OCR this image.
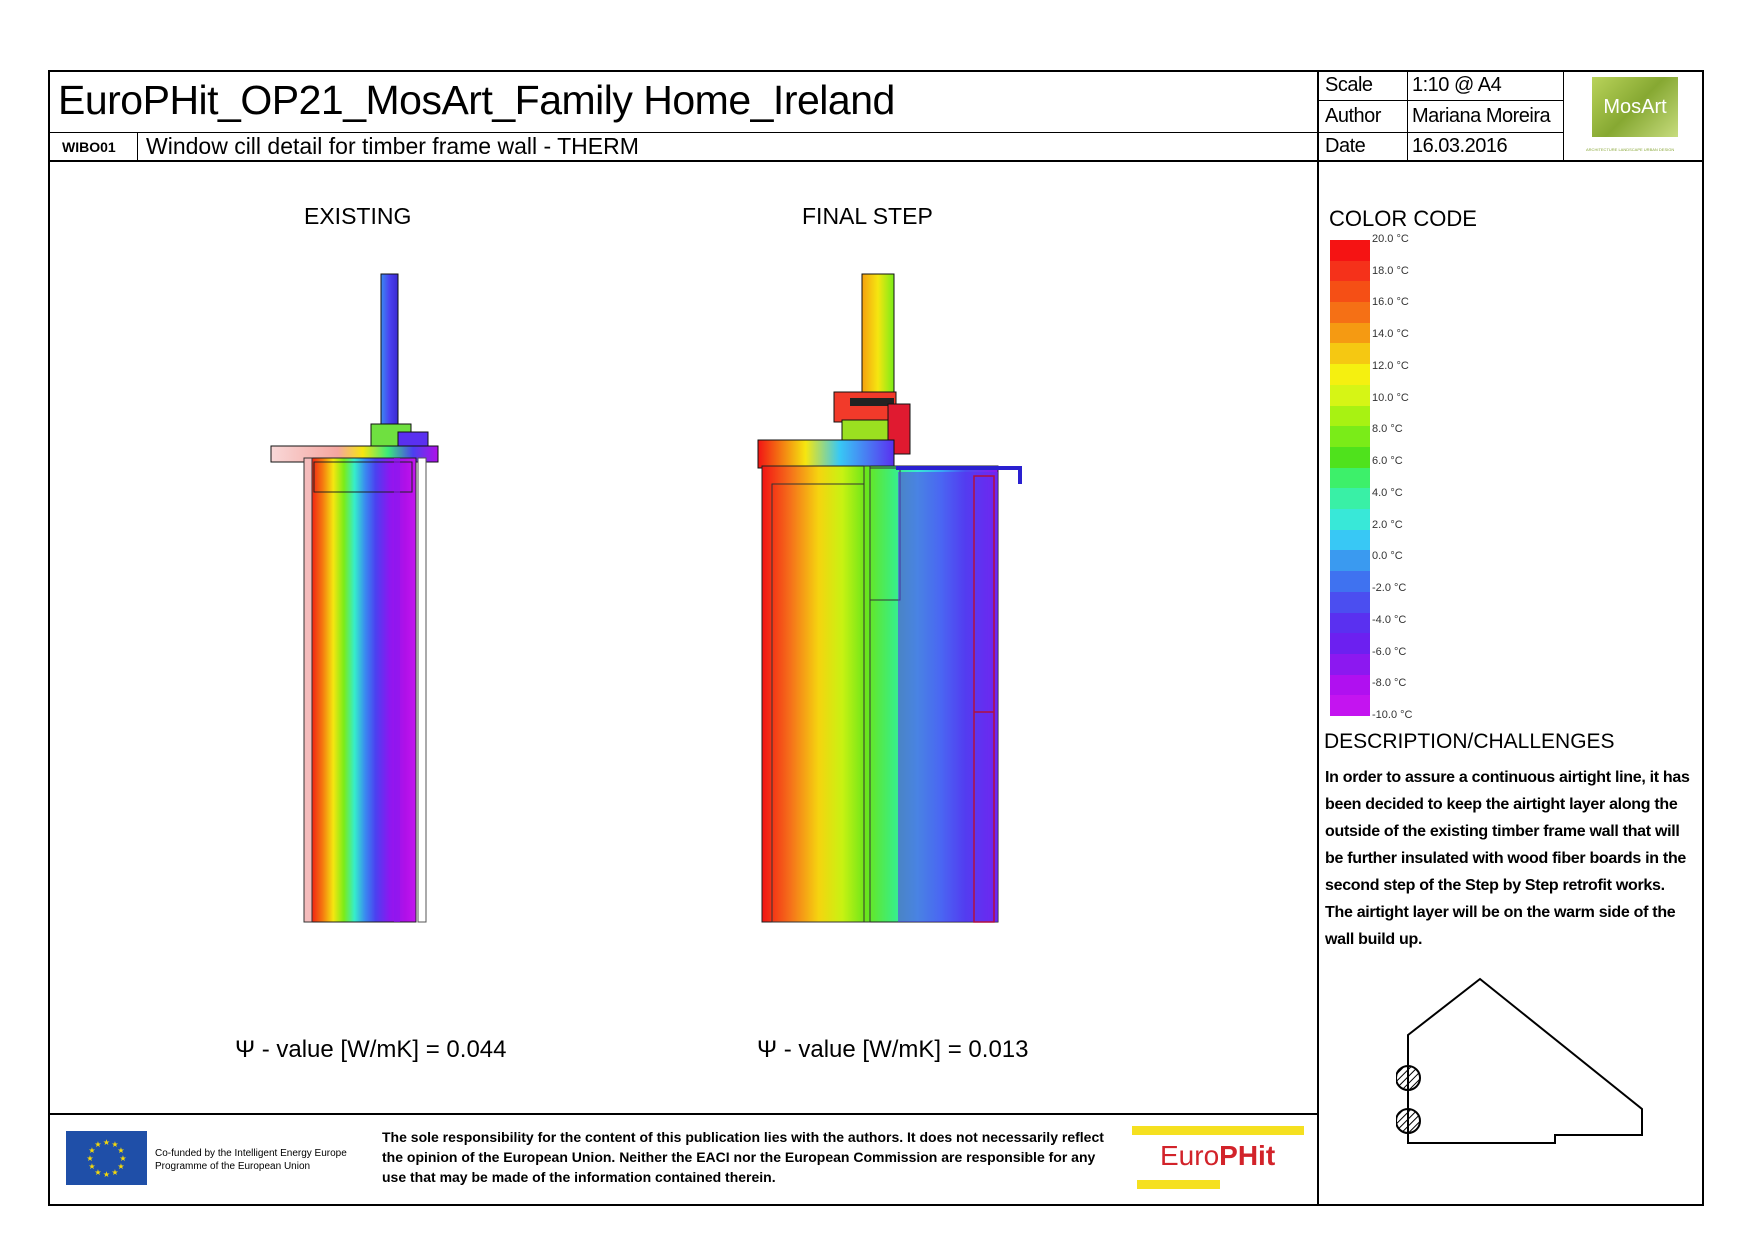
EuroPHit_OP21_MosArt_Family Home_Ireland
WIBO01 Window cill detail for timber frame wall - THERM
Scale 1:10 @ A4
Author Mariana Moreira
Date 16.03.2016
MosArt
ARCHITECTURE LANDSCAPE URBAN DESIGN
EXISTING	FINAL STEP
Ψ - value [W/mK] = 0.044	Ψ - value [W/mK] = 0.013
COLOR CODE
20.0 °C
18.0 °C
16.0 °C
14.0 °C
12.0 °C
10.0 °C
8.0 °C
6.0 °C
4.0 °C
2.0 °C
0.0 °C
-2.0 °C
-4.0 °C
-6.0 °C
-8.0 °C
-10.0 °C
DESCRIPTION/CHALLENGES
In order to assure a continuous airtight line, it has been decided to keep the airtight layer along the outside of the existing timber frame wall that will be further insulated with wood fiber boards in the second step of the Step by Step retrofit works. The airtight layer will be on the warm side of the wall build up.
★ ★
★
★
★
★
★
★
★
★
★
★
Co-funded by the Intelligent Energy Europe Programme of the European Union
The sole responsibility for the content of this publication lies with the authors. It does not necessarily reflect the opinion of the European Union. Neither the EACI nor the European Commission are responsible for any use that may be made of the information contained therein.
EuroPHit
